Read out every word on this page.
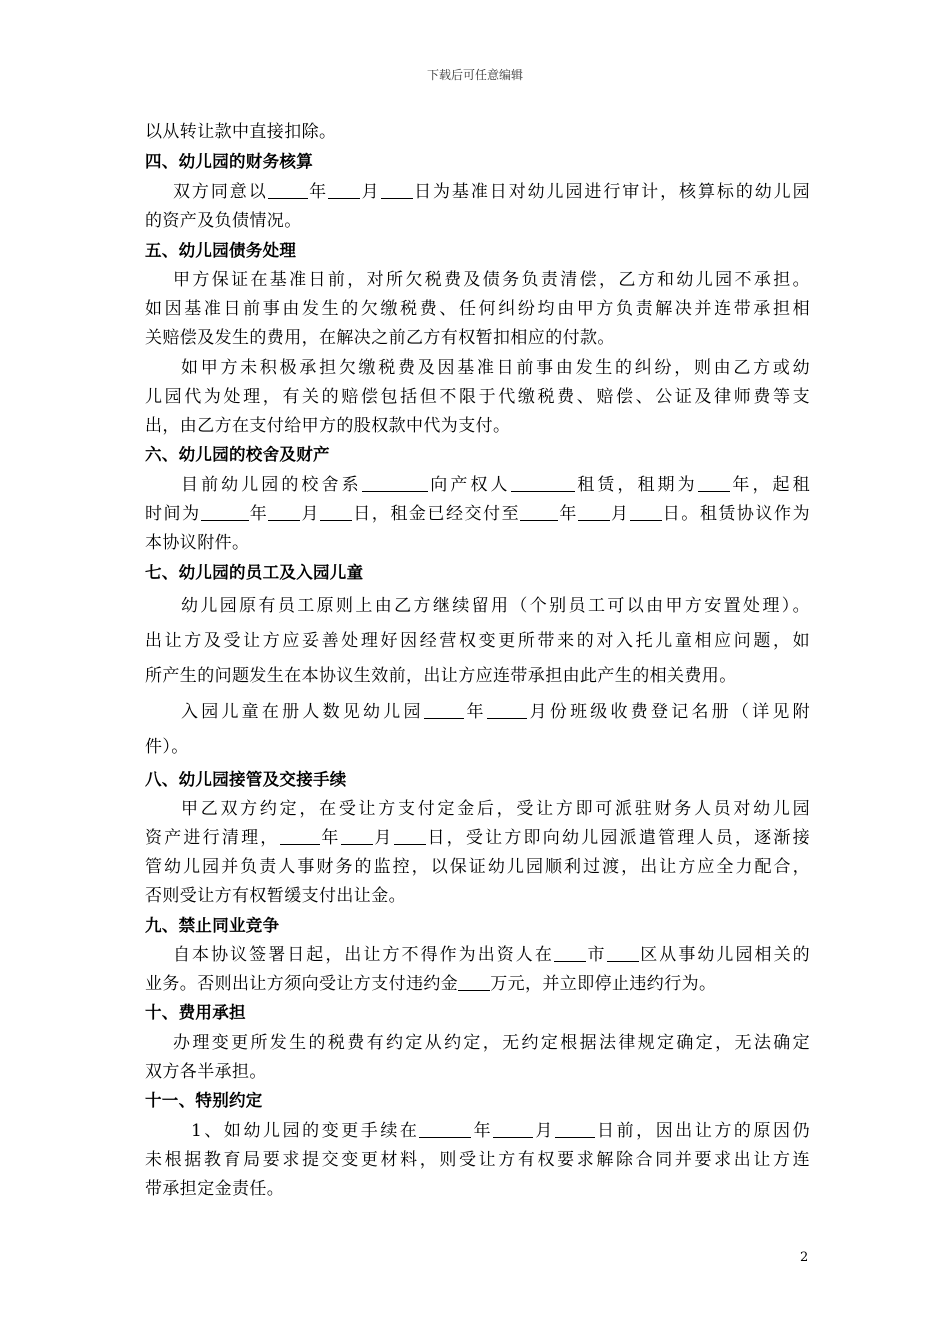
下载后可任意编辑
以从转让款中直接扣除。
四、幼儿园的财务核算
双方同意以 年 月 日为基准日对幼儿园进行审计，核算标的幼儿园
的资产及负债情况。
五、幼儿园债务处理
甲方保证在基准日前，对所欠税费及债务负责清偿，乙方和幼儿园不承担。
如因基准日前事由发生的欠缴税费、任何纠纷均由甲方负责解决并连带承担相
关赔偿及发生的费用，在解决之前乙方有权暂扣相应的付款。
如甲方未积极承担欠缴税费及因基准日前事由发生的纠纷，则由乙方或幼
儿园代为处理，有关的赔偿包括但不限于代缴税费、赔偿、公证及律师费等支
出，由乙方在支付给甲方的股权款中代为支付。
六、幼儿园的校舍及财产
目前幼儿园的校舍系	向产权人	租赁，租期为 年，起租
时间为	年 月 日，租金已经交付至 年 月 日。租赁协议作为
本协议附件。
七、幼儿园的员工及入园儿童
幼儿园原有员工原则上由乙方继续留用（个别员工可以由甲方安置处理）。
出让方及受让方应妥善处理好因经营权变更所带来的对入托儿童相应问题，如
所产生的问题发生在本协议生效前，出让方应连带承担由此产生的相关费用。
入园儿童在册人数见幼儿园 年 月份班级收费登记名册（详见附
件）。
八、幼儿园接管及交接手续
甲乙双方约定，在受让方支付定金后，受让方即可派驻财务人员对幼儿园
资产进行清理， 年 月 日，受让方即向幼儿园派遣管理人员，逐渐接
管幼儿园并负责人事财务的监控，以保证幼儿园顺利过渡，出让方应全力配合，
否则受让方有权暂缓支付出让金。
九、禁止同业竞争
自本协议签署日起，出让方不得作为出资人在 市 区从事幼儿园相关的
业务。否则出让方须向受让方支付违约金 万元，并立即停止违约行为。
十、费用承担
办理变更所发生的税费有约定从约定，无约定根据法律规定确定，无法确定
双方各半承担。
十一、特别约定
1、如幼儿园的变更手续在	年 月 日前，因出让方的原因仍
未根据教育局要求提交变更材料，则受让方有权要求解除合同并要求出让方连
带承担定金责任。
2
